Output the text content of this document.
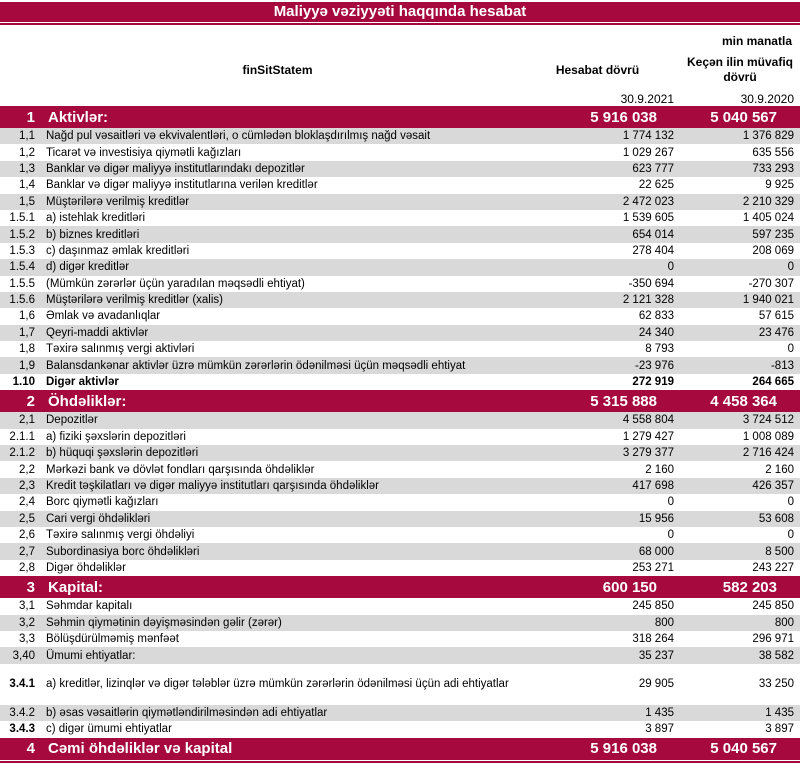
Maliyyə vəziyyəti haqqında hesabat
min manatla
finSitStatem	Hesabat dövrü
Keçən ilin müvafiq dövrü
30.9.2021	30.9.2020
1 Aktivlər:	5 916 038	5 040 567
1,1 Nağd pul vəsaitləri və ekvivalentləri, o cümlədən bloklaşdırılmış nağd vəsait	1 774 132	1 376 829
1,2 Ticarət və investisiya qiymətli kağızları	1 029 267	635 556
1,3 Banklar və digər maliyyə institutlarındakı depozitlər	623 777	733 293
1,4 Banklar və digər maliyyə institutlarına verilən kreditlər	22 625	9 925
1,5 Müştərilərə verilmiş kreditlər	2 472 023	2 210 329
1.5.1 a) istehlak kreditləri	1 539 605	1 405 024
1.5.2 b) biznes kreditləri	654 014	597 235
1.5.3 c) daşınmaz əmlak kreditləri	278 404	208 069
1.5.4 d) digər kreditlər	0	0
1.5.5 (Mümkün zərərlər üçün yaradılan məqsədli ehtiyat)	-350 694	-270 307
1.5.6 Müştərilərə verilmiş kreditlər (xalis)	2 121 328	1 940 021
1,6 Əmlak və avadanlıqlar	62 833	57 615
1,7 Qeyri-maddi aktivlər	24 340	23 476
1,8 Təxirə salınmış vergi aktivləri	8 793	0
1,9 Balansdankənar aktivlər üzrə mümkün zərərlərin ödənilməsi üçün məqsədli ehtiyat	-23 976	-813
1.10 Digər aktivlər	272 919	264 665
2 Öhdəliklər:	5 315 888	4 458 364
2,1 Depozitlər	4 558 804	3 724 512
2.1.1 a) fiziki şəxslərin depozitləri	1 279 427	1 008 089
2.1.2 b) hüquqi şəxslərin depozitləri	3 279 377	2 716 424
2,2 Mərkəzi bank və dövlət fondları qarşısında öhdəliklər	2 160	2 160
2,3 Kredit təşkilatları və digər maliyyə institutları qarşısında öhdəliklər	417 698	426 357
2,4 Borc qiymətli kağızları	0	0
2,5 Cari vergi öhdəlikləri	15 956	53 608
2,6 Təxirə salınmış vergi öhdəliyi	0	0
2,7 Subordinasiya borc öhdəlikləri	68 000	8 500
2,8 Digər öhdəliklər	253 271	243 227
3 Kapital:	600 150	582 203
3,1 Səhmdar kapitalı	245 850	245 850
3,2 Səhmin qiymətinin dəyişməsindən gəlir (zərər)	800	800
3,3 Bölüşdürülməmiş mənfəət	318 264	296 971
3,40 Ümumi ehtiyatlar:	35 237	38 582
3.4.1 a) kreditlər, lizinqlər və digər tələblər üzrə mümkün zərərlərin ödənilməsi üçün adi ehtiyatlar	29 905	33 250
3.4.2 b) əsas vəsaitlərin qiymətləndirilməsindən adi ehtiyatlar	1 435	1 435
3.4.3 c) digər ümumi ehtiyatlar	3 897	3 897
4 Cəmi öhdəliklər və kapital	5 916 038	5 040 567
